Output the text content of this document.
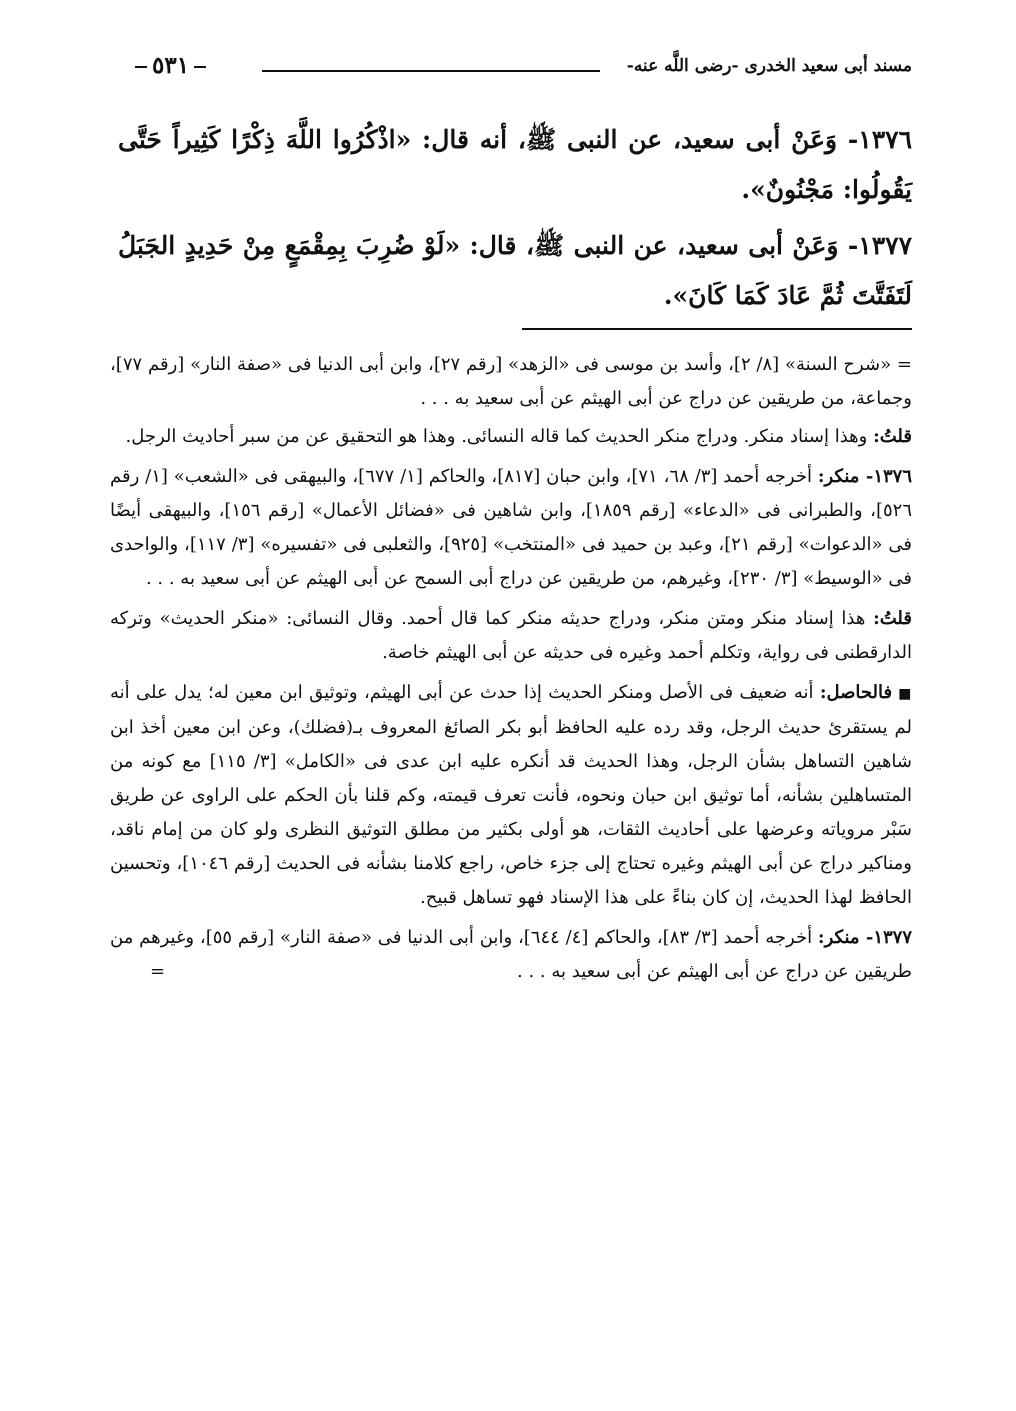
مسند أبى سعيد الخدرى -رضى اللَّه عنه-
٥٣١

١٣٧٦- وَعَنْ أبى سعيد، عن النبى ﷺ، أنه قال: «اذْكُرُوا اللَّهَ ذِكْرًا كَثِيراً حَتَّى يَقُولُوا: مَجْنُونٌ».

١٣٧٧- وَعَنْ أبى سعيد، عن النبى ﷺ، قال: «لَوْ ضُرِبَ بِمِقْمَعٍ مِنْ حَدِيدٍ الجَبَلُ لَتَفَتَّتَ ثُمَّ عَادَ كَمَا كَانَ».

= «شرح السنة» [٨/ ٢]، وأسد بن موسى فى «الزهد» [رقم ٢٧]، وابن أبى الدنيا فى «صفة النار» [رقم ٧٧]، وجماعة، من طريقين عن دراج عن أبى الهيثم عن أبى سعيد به . . .

قلتُ: وهذا إسناد منكر. ودراج منكر الحديث كما قاله النسائى. وهذا هو التحقيق عن من سبر أحاديث الرجل.

١٣٧٦- منكر: أخرجه أحمد [٣/ ٦٨، ٧١]، وابن حبان [٨١٧]، والحاكم [١/ ٦٧٧]، والبيهقى فى «الشعب» [١/ رقم ٥٢٦]، والطبرانى فى «الدعاء» [رقم ١٨٥٩]، وابن شاهين فى «فضائل الأعمال» [رقم ١٥٦]، والبيهقى أيضًا فى «الدعوات» [رقم ٢١]، وعبد بن حميد فى «المنتخب» [٩٢٥]، والثعلبى فى «تفسيره» [٣/ ١١٧]، والواحدى فى «الوسيط» [٣/ ٢٣٠]، وغيرهم، من طريقين عن دراج أبى السمح عن أبى الهيثم عن أبى سعيد به . . .

قلتُ: هذا إسناد منكر ومتن منكر، ودراج حديثه منكر كما قال أحمد. وقال النسائى: «منكر الحديث» وتركه الدارقطنى فى رواية، وتكلم أحمد وغيره فى حديثه عن أبى الهيثم خاصة.

■فالحاصل: أنه ضعيف فى الأصل ومنكر الحديث إذا حدث عن أبى الهيثم، وتوثيق ابن معين له؛ يدل على أنه لم يستقرئ حديث الرجل، وقد رده عليه الحافظ أبو بكر الصائغ المعروف بـ(فضلك)، وعن ابن معين أخذ ابن شاهين التساهل بشأن الرجل، وهذا الحديث قد أنكره عليه ابن عدى فى «الكامل» [٣/ ١١٥] مع كونه من المتساهلين بشأنه، أما توثيق ابن حبان ونحوه، فأنت تعرف قيمته، وكم قلنا بأن الحكم على الراوى عن طريق سَبْر مروياته وعرضها على أحاديث الثقات، هو أولى بكثير من مطلق التوثيق النظرى ولو كان من إمام ناقد، ومناكير دراج عن أبى الهيثم وغيره تحتاج إلى جزء خاص، راجع كلامنا بشأنه فى الحديث [رقم ١٠٤٦]، وتحسين الحافظ لهذا الحديث، إن كان بناءً على هذا الإسناد فهو تساهل قبيح.

١٣٧٧- منكر: أخرجه أحمد [٣/ ٨٣]، والحاكم [٤/ ٦٤٤]، وابن أبى الدنيا فى «صفة النار» [رقم ٥٥]، وغيرهم من طريقين عن دراج عن أبى الهيثم عن أبى سعيد به . . .
=
